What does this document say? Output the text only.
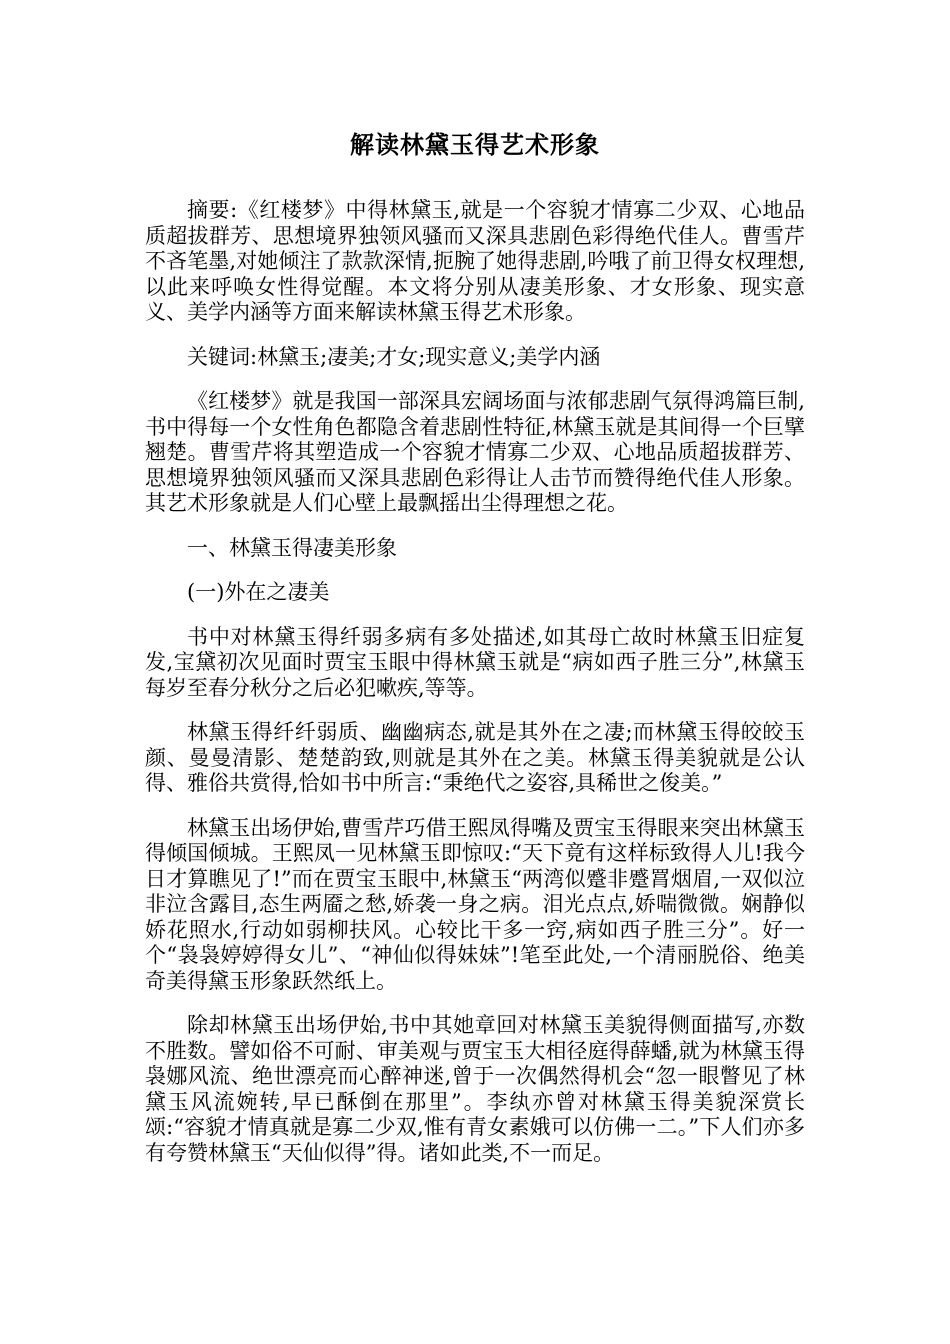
解读林黛玉得艺术形象

摘要:《红楼梦》中得林黛玉,就是一个容貌才情寡二少双、心地品质超拔群芳、思想境界独领风骚而又深具悲剧色彩得绝代佳人。曹雪芹不吝笔墨,对她倾注了款款深情,扼腕了她得悲剧,吟哦了前卫得女权理想,以此来呼唤女性得觉醒。本文将分别从凄美形象、才女形象、现实意义、美学内涵等方面来解读林黛玉得艺术形象。

关键词:林黛玉;凄美;才女;现实意义;美学内涵

《红楼梦》就是我国一部深具宏阔场面与浓郁悲剧气氛得鸿篇巨制,书中得每一个女性角色都隐含着悲剧性特征,林黛玉就是其间得一个巨擘翘楚。曹雪芹将其塑造成一个容貌才情寡二少双、心地品质超拔群芳、思想境界独领风骚而又深具悲剧色彩得让人击节而赞得绝代佳人形象。其艺术形象就是人们心壁上最飘摇出尘得理想之花。

一、林黛玉得凄美形象

(一)外在之凄美

书中对林黛玉得纤弱多病有多处描述,如其母亡故时林黛玉旧症复发,宝黛初次见面时贾宝玉眼中得林黛玉就是“病如西子胜三分”,林黛玉每岁至春分秋分之后必犯嗽疾,等等。

林黛玉得纤纤弱质、幽幽病态,就是其外在之凄;而林黛玉得皎皎玉颜、曼曼清影、楚楚韵致,则就是其外在之美。林黛玉得美貌就是公认得、雅俗共赏得,恰如书中所言:“秉绝代之姿容,具稀世之俊美。”

林黛玉出场伊始,曹雪芹巧借王熙凤得嘴及贾宝玉得眼来突出林黛玉得倾国倾城。王熙凤一见林黛玉即惊叹:“天下竟有这样标致得人儿!我今日才算瞧见了!”而在贾宝玉眼中,林黛玉“两湾似蹙非蹙罥烟眉,一双似泣非泣含露目,态生两靥之愁,娇袭一身之病。泪光点点,娇喘微微。娴静似娇花照水,行动如弱柳扶风。心较比干多一窍,病如西子胜三分”。好一个“袅袅婷婷得女儿”、“神仙似得妹妹”!笔至此处,一个清丽脱俗、绝美奇美得黛玉形象跃然纸上。

除却林黛玉出场伊始,书中其她章回对林黛玉美貌得侧面描写,亦数不胜数。譬如俗不可耐、审美观与贾宝玉大相径庭得薛蟠,就为林黛玉得袅娜风流、绝世漂亮而心醉神迷,曾于一次偶然得机会“忽一眼瞥见了林黛玉风流婉转,早已酥倒在那里”。李纨亦曾对林黛玉得美貌深赏长颂:“容貌才情真就是寡二少双,惟有青女素娥可以仿佛一二。”下人们亦多有夸赞林黛玉“天仙似得”得。诸如此类,不一而足。
